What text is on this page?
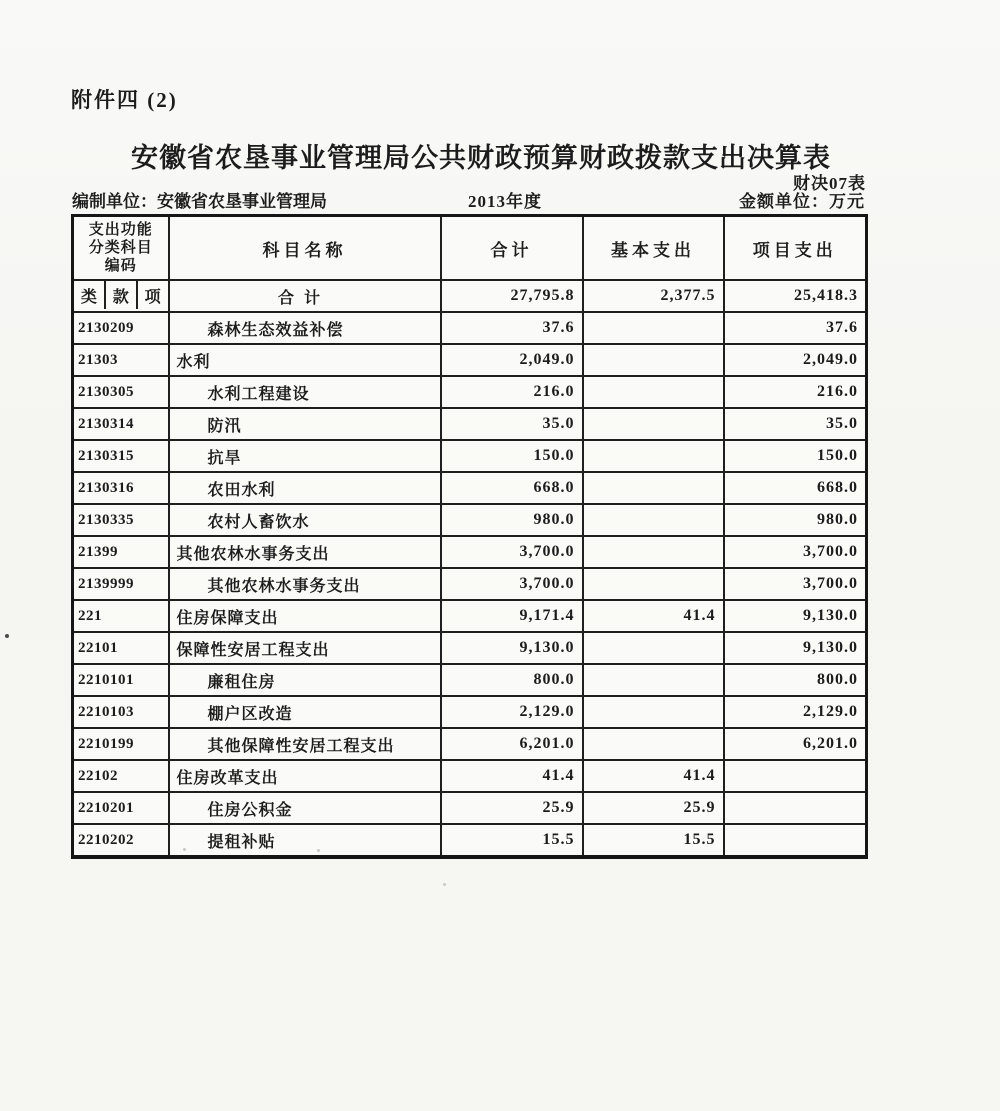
附件四 (2)
安徽省农垦事业管理局公共财政预算财政拨款支出决算表
财决07表
编制单位：安徽省农垦事业管理局	2013年度	金额单位：万元
支出功能
分类科目
编码	科目名称	合计	基本支出	项目支出

类 款 项	合计	27,795.8	2,377.5	25,418.3
2130209	森林生态效益补偿	37.6		37.6
21303	水利	2,049.0		2,049.0
2130305	水利工程建设	216.0		216.0
2130314	防汛	35.0		35.0
2130315	抗旱	150.0		150.0
2130316	农田水利	668.0		668.0
2130335	农村人畜饮水	980.0		980.0
21399	其他农林水事务支出	3,700.0		3,700.0
2139999	其他农林水事务支出	3,700.0		3,700.0
221	住房保障支出	9,171.4	41.4	9,130.0
22101	保障性安居工程支出	9,130.0		9,130.0
2210101	廉租住房	800.0		800.0
2210103	棚户区改造	2,129.0		2,129.0
2210199	其他保障性安居工程支出	6,201.0		6,201.0
22102	住房改革支出	41.4	41.4	
2210201	住房公积金	25.9	25.9	
2210202	提租补贴	15.5	15.5	
